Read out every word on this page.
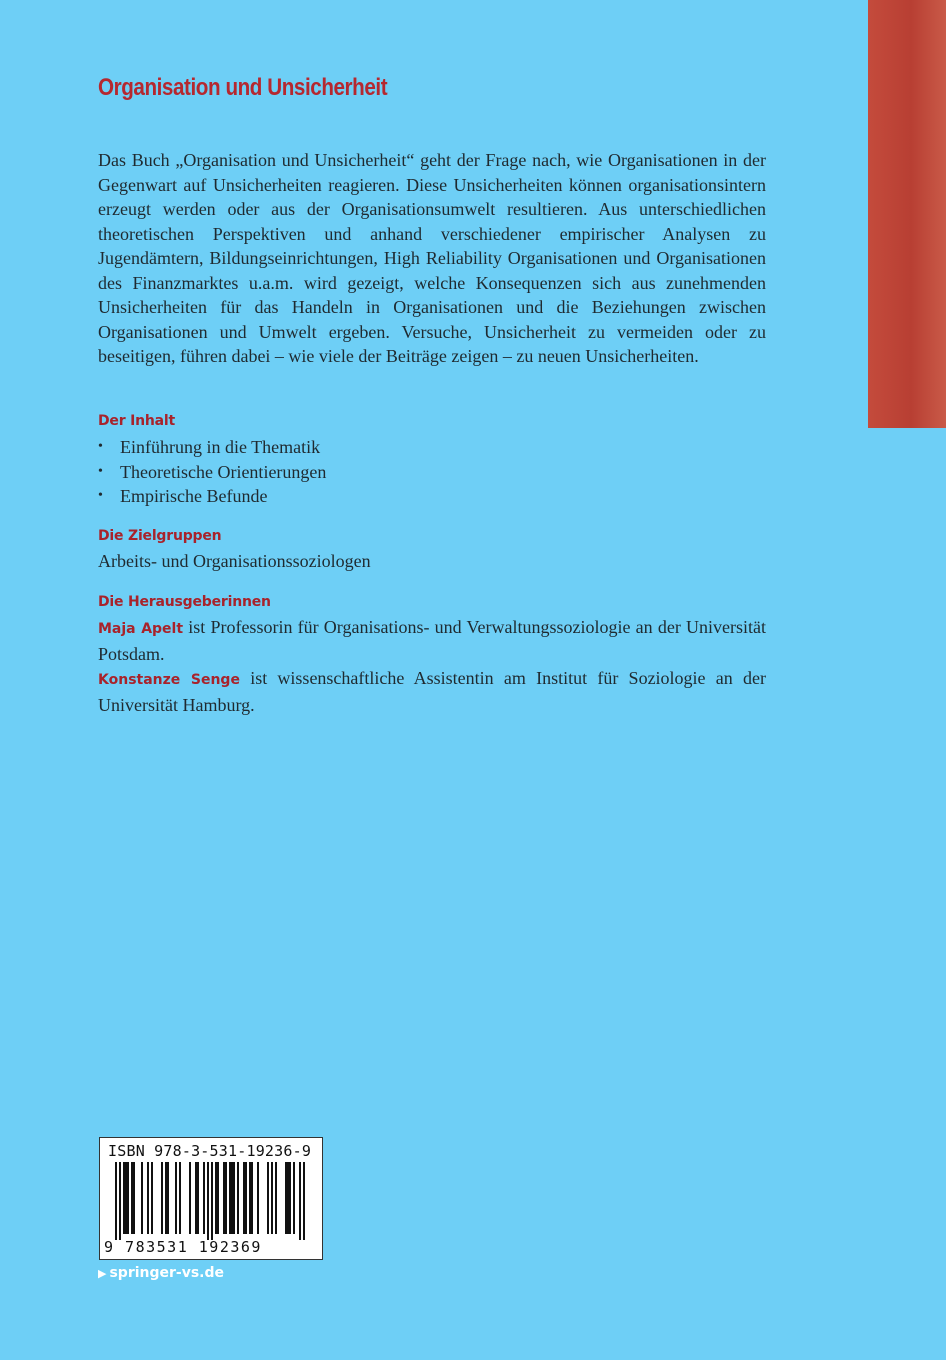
Organisation und Unsicherheit

Das Buch „Organisation und Unsicherheit“ geht der Frage nach, wie Organisationen in der Gegenwart auf Unsicherheiten reagieren. Diese Unsicherheiten können organisationsintern erzeugt werden oder aus der Organisationsumwelt resultieren. Aus unterschiedlichen theoretischen Perspektiven und anhand verschiedener empirischer Analysen zu Jugendämtern, Bildungseinrichtungen, High Reliability Organisationen und Organisationen des Finanzmarktes u.a.m. wird gezeigt, welche Konsequenzen sich aus zunehmenden Unsicherheiten für das Handeln in Organisationen und die Beziehungen zwischen Organisationen und Umwelt ergeben. Versuche, Unsicherheit zu vermeiden oder zu beseitigen, führen dabei – wie viele der Beiträge zeigen – zu neuen Unsicherheiten.

Der Inhalt
• Einführung in die Thematik
• Theoretische Orientierungen
• Empirische Befunde
Die Zielgruppen

Arbeits- und Organisationssoziologen

Die Herausgeberinnen

Maja Apelt ist Professorin für Organisations- und Verwaltungssoziologie an der Universität Potsdam.

Konstanze Senge ist wissenschaftliche Assistentin am Institut für Soziologie an der Universität Hamburg.

ISBN 978-3-531-19236-9

9 783531 192369

▶ springer-vs.de
